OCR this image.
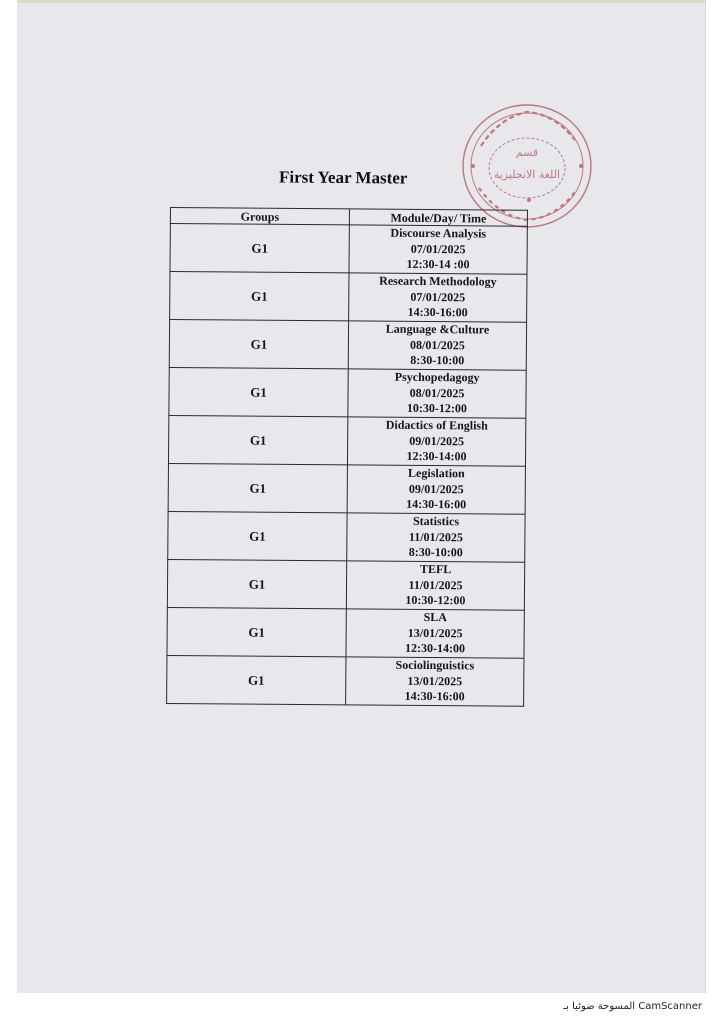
First Year Master
قسم
اللغة الانجليزية
Groups	Module/Day/ Time
G1	Discourse Analysis
07/01/2025
12:30-14 :00

G1	Research Methodology
07/01/2025
14:30-16:00

G1	Language &Culture
08/01/2025
8:30-10:00

G1	Psychopedagogy
08/01/2025
10:30-12:00

G1	Didactics of English
09/01/2025
12:30-14:00

G1	Legislation
09/01/2025
14:30-16:00

G1	Statistics
11/01/2025
8:30-10:00

G1	TEFL
11/01/2025
10:30-12:00

G1	SLA
13/01/2025
12:30-14:00

G1	Sociolinguistics
13/01/2025
14:30-16:00
المسوحة ضوئيا بـ CamScanner
